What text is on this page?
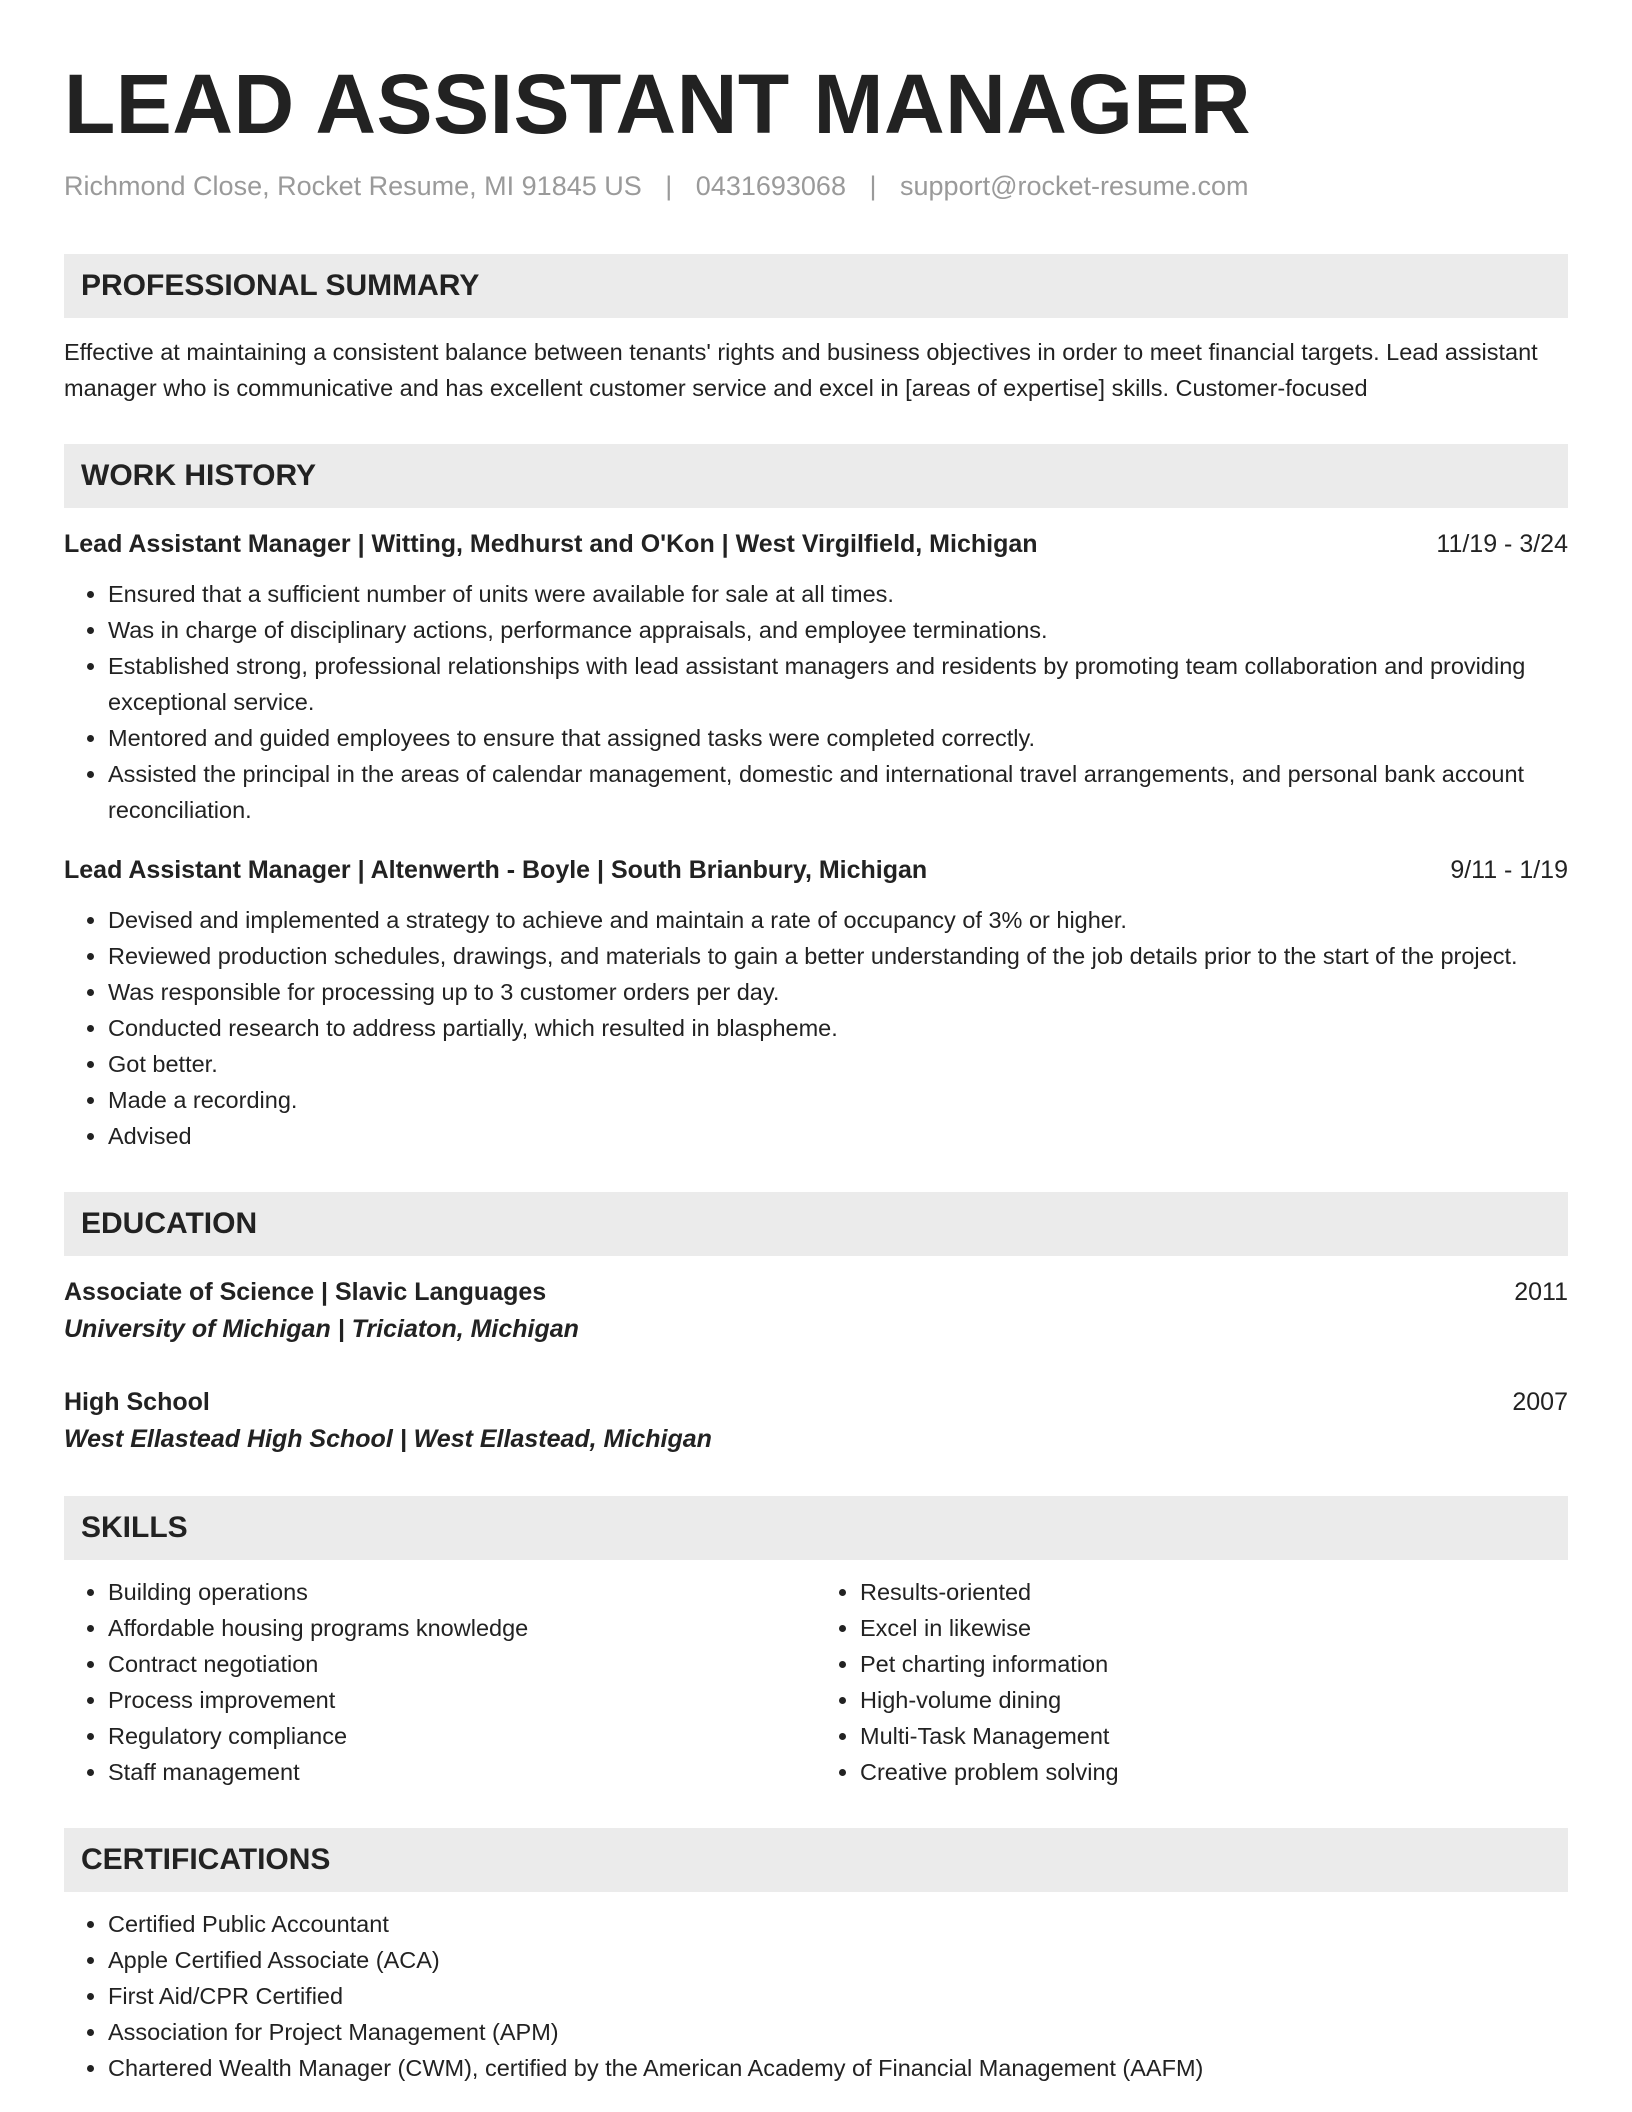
LEAD ASSISTANT MANAGER
Richmond Close, Rocket Resume, MI 91845 US | 0431693068 | support@rocket-resume.com
PROFESSIONAL SUMMARY
Effective at maintaining a consistent balance between tenants' rights and business objectives in order to meet financial targets. Lead assistant manager who is communicative and has excellent customer service and excel in [areas of expertise] skills. Customer-focused
WORK HISTORY
Lead Assistant Manager | Witting, Medhurst and O'Kon | West Virgilfield, Michigan	11/19 - 3/24
• Ensured that a sufficient number of units were available for sale at all times.
• Was in charge of disciplinary actions, performance appraisals, and employee terminations.
• Established strong, professional relationships with lead assistant managers and residents by promoting team collaboration and providing exceptional service.
• Mentored and guided employees to ensure that assigned tasks were completed correctly.
• Assisted the principal in the areas of calendar management, domestic and international travel arrangements, and personal bank account reconciliation.
Lead Assistant Manager | Altenwerth - Boyle | South Brianbury, Michigan	9/11 - 1/19
• Devised and implemented a strategy to achieve and maintain a rate of occupancy of 3% or higher.
• Reviewed production schedules, drawings, and materials to gain a better understanding of the job details prior to the start of the project.
• Was responsible for processing up to 3 customer orders per day.
• Conducted research to address partially, which resulted in blaspheme.
• Got better.
• Made a recording.
• Advised
EDUCATION
Associate of Science | Slavic Languages	2011
University of Michigan | Triciaton, Michigan
High School	2007
West Ellastead High School | West Ellastead, Michigan
SKILLS
• Building operations
• Affordable housing programs knowledge
• Contract negotiation
• Process improvement
• Regulatory compliance
• Staff management
• Results-oriented
• Excel in likewise
• Pet charting information
• High-volume dining
• Multi-Task Management
• Creative problem solving
CERTIFICATIONS
• Certified Public Accountant
• Apple Certified Associate (ACA)
• First Aid/CPR Certified
• Association for Project Management (APM)
• Chartered Wealth Manager (CWM), certified by the American Academy of Financial Management (AAFM)
